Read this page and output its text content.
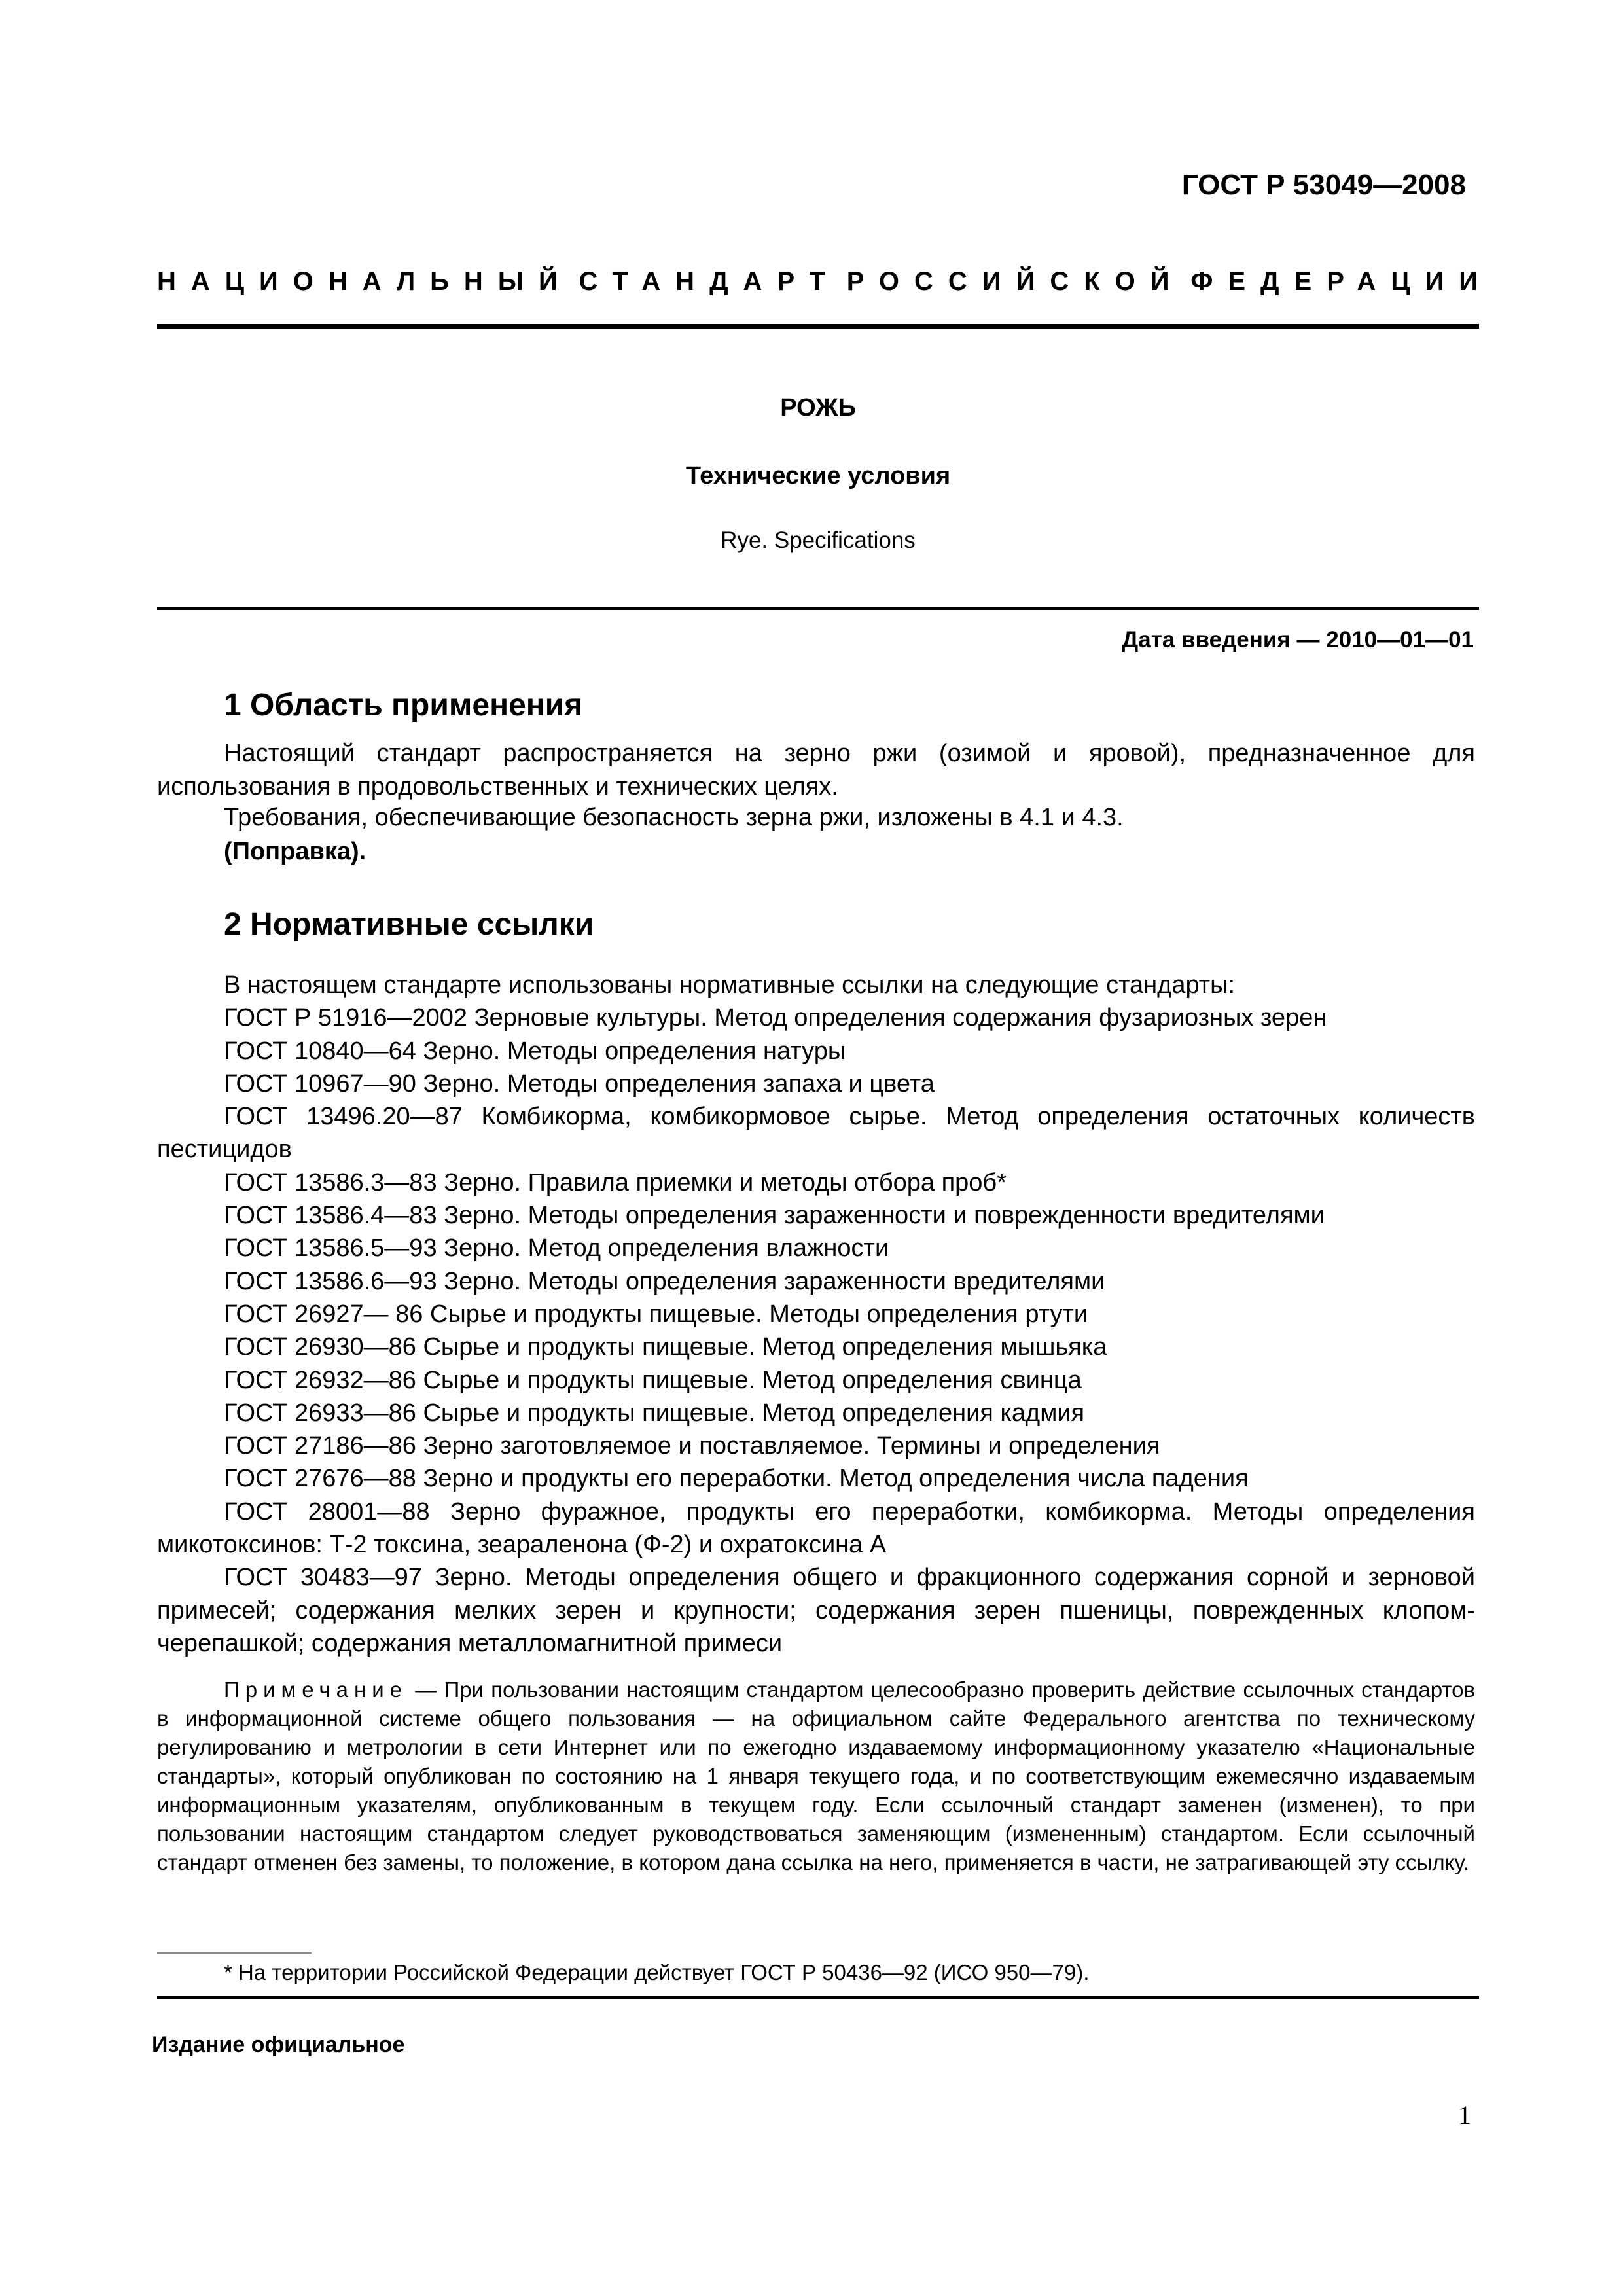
ГОСТ Р 53049—2008
НАЦИОНАЛЬНЫЙ СТАНДАРТ РОССИЙСКОЙ ФЕДЕРАЦИИ
РОЖЬ
Технические условия
Rye. Specifications
Дата введения — 2010—01—01
1 Область применения
Настоящий стандарт распространяется на зерно ржи (озимой и яровой), предназначенное для
использования в продовольственных и технических целях.
Требования, обеспечивающие безопасность зерна ржи, изложены в 4.1 и 4.3.
(Поправка).
2 Нормативные ссылки
В настоящем стандарте использованы нормативные ссылки на следующие стандарты:
ГОСТ Р 51916—2002 Зерновые культуры. Метод определения содержания фузариозных зерен
ГОСТ 10840—64 Зерно. Методы определения натуры
ГОСТ 10967—90 Зерно. Методы определения запаха и цвета
ГОСТ 13496.20—87 Комбикорма, комбикормовое сырье. Метод определения остаточных количеств пестицидов
ГОСТ 13586.3—83 Зерно. Правила приемки и методы отбора проб*
ГОСТ 13586.4—83 Зерно. Методы определения зараженности и поврежденности вредителями
ГОСТ 13586.5—93 Зерно. Метод определения влажности
ГОСТ 13586.6—93 Зерно. Методы определения зараженности вредителями
ГОСТ 26927— 86 Сырье и продукты пищевые. Методы определения ртути
ГОСТ 26930—86 Сырье и продукты пищевые. Метод определения мышьяка
ГОСТ 26932—86 Сырье и продукты пищевые. Метод определения свинца
ГОСТ 26933—86 Сырье и продукты пищевые. Метод определения кадмия
ГОСТ 27186—86 Зерно заготовляемое и поставляемое. Термины и определения
ГОСТ 27676—88 Зерно и продукты его переработки. Метод определения числа падения
ГОСТ 28001—88 Зерно фуражное, продукты его переработки, комбикорма. Методы определения микотоксинов: Т-2 токсина, зеараленона (Ф-2) и охратоксина А
ГОСТ 30483—97 Зерно. Методы определения общего и фракционного содержания сорной и зерновой примесей; содержания мелких зерен и крупности; содержания зерен пшеницы, поврежденных клопом-черепашкой; содержания металломагнитной примеси
Примечание — При пользовании настоящим стандартом целесообразно проверить действие ссылочных стандартов в информационной системе общего пользования — на официальном сайте Федерального агентства по техническому регулированию и метрологии в сети Интернет или по ежегодно издаваемому информационному указателю «Национальные стандарты», который опубликован по состоянию на 1 января текущего года, и по соответствующим ежемесячно издаваемым информационным указателям, опубликованным в текущем году. Если ссылочный стандарт заменен (изменен), то при пользовании настоящим стандартом следует руководствоваться заменяющим (измененным) стандартом. Если ссылочный стандарт отменен без замены, то положение, в котором дана ссылка на него, применяется в части, не затрагивающей эту ссылку.
* На территории Российской Федерации действует ГОСТ Р 50436—92 (ИСО 950—79).
Издание официальное
1
